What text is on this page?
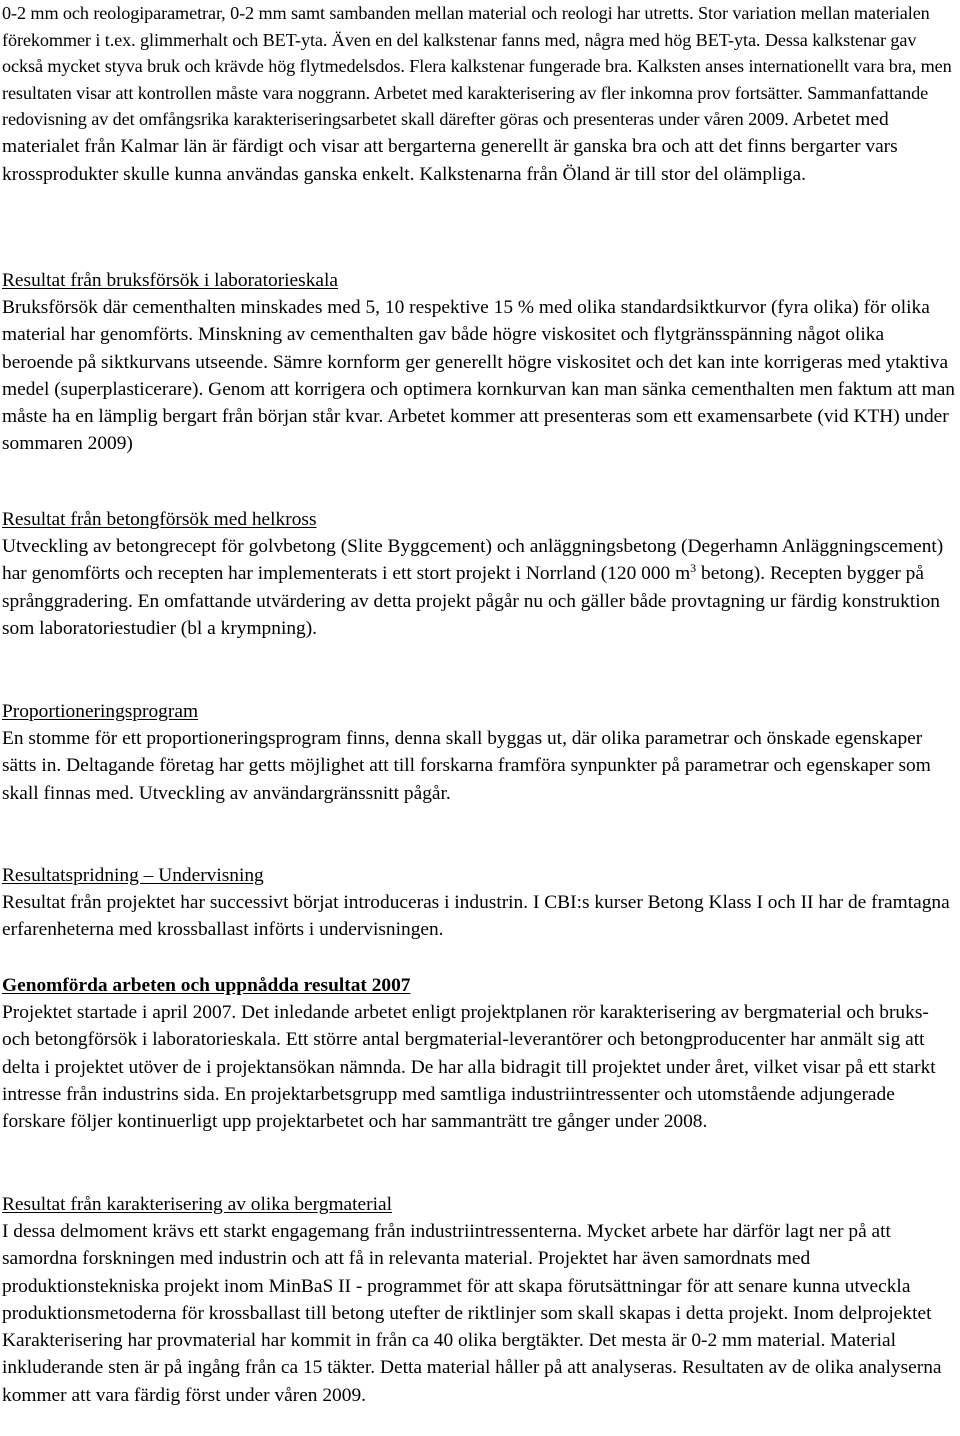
0-2 mm och reologiparametrar, 0-2 mm samt sambanden mellan material och reologi har utretts. Stor variation mellan materialen förekommer i t.ex. glimmerhalt och BET-yta. Även en del kalkstenar fanns med, några med hög BET-yta. Dessa kalkstenar gav också mycket styva bruk och krävde hög flytmedelsdos. Flera kalkstenar fungerade bra. Kalksten anses internationellt vara bra, men resultaten visar att kontrollen måste vara noggrann. Arbetet med karakterisering av fler inkomna prov fortsätter. Sammanfattande redovisning av det omfångsrika karakteriseringsarbetet skall därefter göras och presenteras under våren 2009. Arbetet med materialet från Kalmar län är färdigt och visar att bergarterna generellt är ganska bra och att det finns bergarter vars krossprodukter skulle kunna användas ganska enkelt. Kalkstenarna från Öland är till stor del olämpliga.

Resultat från bruksförsök i laboratorieskala

Bruksförsök där cementhalten minskades med 5, 10 respektive 15 % med olika standardsiktkurvor (fyra olika) för olika material har genomförts. Minskning av cementhalten gav både högre viskositet och flytgränsspänning något olika beroende på siktkurvans utseende. Sämre kornform ger generellt högre viskositet och det kan inte korrigeras med ytaktiva medel (superplasticerare). Genom att korrigera och optimera kornkurvan kan man sänka cementhalten men faktum att man måste ha en lämplig bergart från början står kvar. Arbetet kommer att presenteras som ett examensarbete (vid KTH) under sommaren 2009)

Resultat från betongförsök med helkross

Utveckling av betongrecept för golvbetong (Slite Byggcement) och anläggningsbetong (Degerhamn Anläggningscement) har genomförts och recepten har implementerats i ett stort projekt i Norrland (120 000 $m^3$ betong). Recepten bygger på språnggradering. En omfattande utvärdering av detta projekt pågår nu och gäller både provtagning ur färdig konstruktion som laboratoriestudier (bl a krympning).

Proportioneringsprogram

En stomme för ett proportioneringsprogram finns, denna skall byggas ut, där olika parametrar och önskade egenskaper sätts in. Deltagande företag har getts möjlighet att till forskarna framföra synpunkter på parametrar och egenskaper som skall finnas med. Utveckling av användargränssnitt pågår.

Resultatspridning – Undervisning

Resultat från projektet har successivt börjat introduceras i industrin. I CBI:s kurser Betong Klass I och II har de framtagna erfarenheterna med krossballast införts i undervisningen.

Genomförda arbeten och uppnådda resultat 2007

Projektet startade i april 2007. Det inledande arbetet enligt projektplanen rör karakterisering av bergmaterial och bruks- och betongförsök i laboratorieskala. Ett större antal bergmaterial-leverantörer och betongproducenter har anmält sig att delta i projektet utöver de i projektansökan nämnda. De har alla bidragit till projektet under året, vilket visar på ett starkt intresse från industrins sida. En projektarbetsgrupp med samtliga industriintressenter och utomstående adjungerade forskare följer kontinuerligt upp projektarbetet och har sammanträtt tre gånger under 2008.

Resultat från karakterisering av olika bergmaterial

I dessa delmoment krävs ett starkt engagemang från industriintressenterna. Mycket arbete har därför lagt ner på att samordna forskningen med industrin och att få in relevanta material. Projektet har även samordnats med produktionstekniska projekt inom MinBaS II - programmet för att skapa förutsättningar för att senare kunna utveckla produktionsmetoderna för krossballast till betong utefter de riktlinjer som skall skapas i detta projekt. Inom delprojektet Karakterisering har provmaterial har kommit in från ca 40 olika bergtäkter. Det mesta är 0-2 mm material. Material inkluderande sten är på ingång från ca 15 täkter. Detta material håller på att analyseras. Resultaten av de olika analyserna kommer att vara färdig först under våren 2009.
